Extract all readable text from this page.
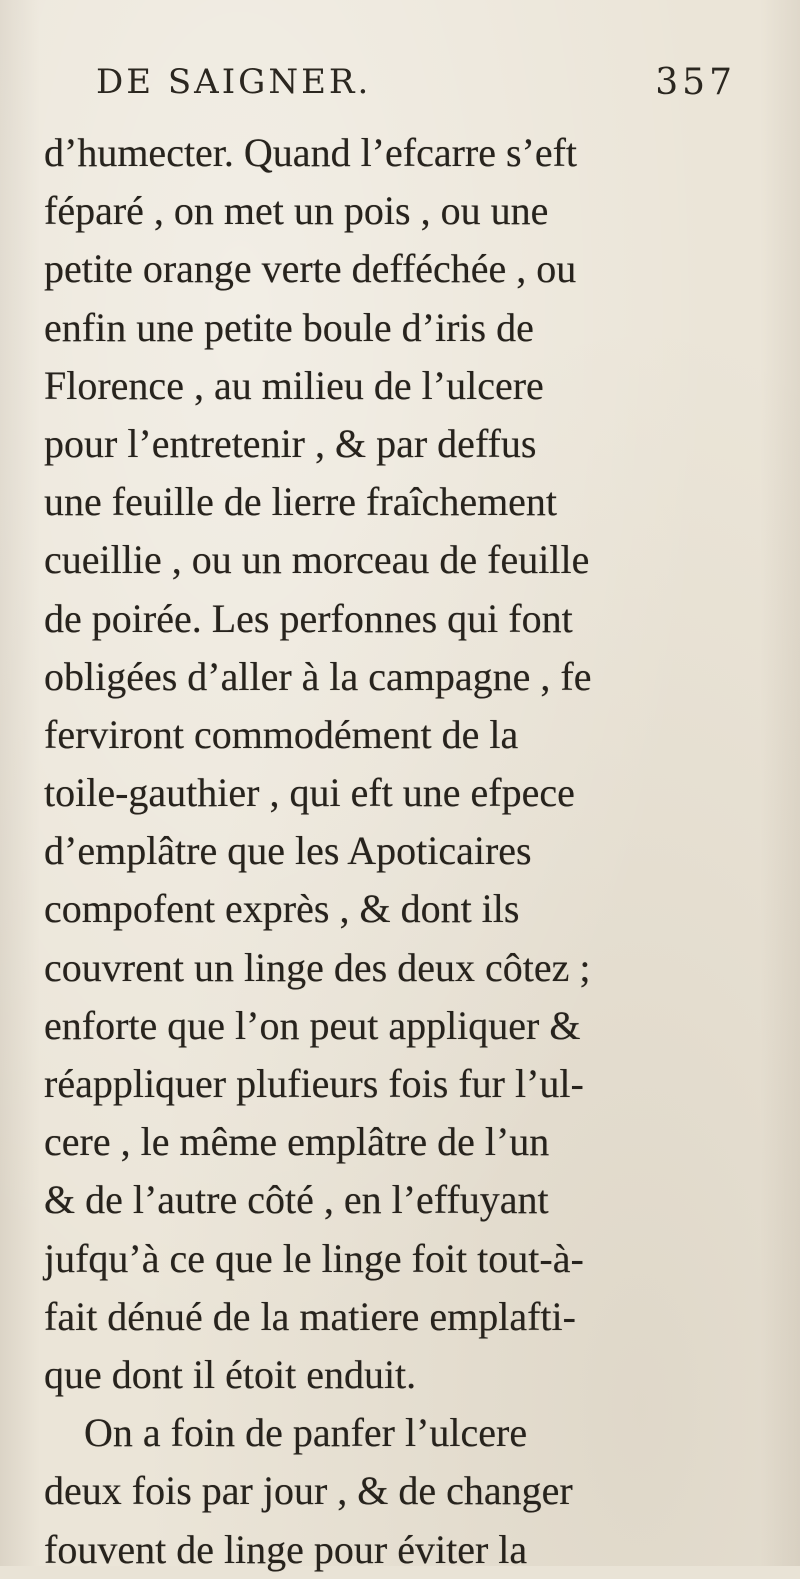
DE SAIGNER.	357
d’humecter. Quand l’efcarre s’eft
féparé , on met un pois , ou une
petite orange verte defféchée , ou
enfin une petite boule d’iris de
Florence , au milieu de l’ulcere
pour l’entretenir , & par deffus
une feuille de lierre fraîchement
cueillie , ou un morceau de feuille
de poirée. Les perfonnes qui font
obligées d’aller à la campagne , fe
ferviront commodément de la
toile-gauthier , qui eft une efpece
d’emplâtre que les Apoticaires
compofent exprès , & dont ils
couvrent un linge des deux côtez ;
enforte que l’on peut appliquer &
réappliquer plufieurs fois fur l’ul-
cere , le même emplâtre de l’un
& de l’autre côté , en l’effuyant
jufqu’à ce que le linge foit tout-à-
fait dénué de la matiere emplafti-
que dont il étoit enduit.
On a foin de panfer l’ulcere
deux fois par jour , & de changer
fouvent de linge pour éviter la
